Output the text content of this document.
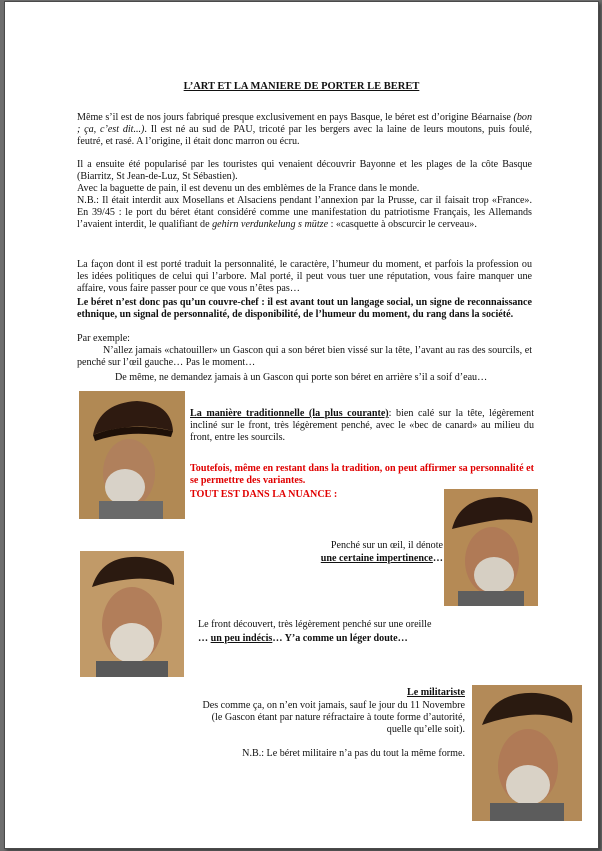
L’ART ET LA MANIERE DE PORTER LE BERET
Même s’il est de nos jours fabriqué presque exclusivement en pays Basque, le béret est d’origine Béarnaise (bon ; ça, c’est dit...). Il est né au sud de PAU, tricoté par les bergers avec la laine de leurs moutons, puis foulé, feutré, et rasé. A l’origine, il était donc marron ou écru.
Il a ensuite été popularisé par les touristes qui venaient découvrir Bayonne et les plages de la côte Basque (Biarritz, St Jean-de-Luz, St Sébastien).
Avec la baguette de pain, il est devenu un des emblèmes de la France dans le monde.
N.B.: Il était interdit aux Mosellans et Alsaciens pendant l’annexion par la Prusse, car il faisait trop «France». En 39/45 : le port du béret étant considéré comme une manifestation du patriotisme Français, les Allemands l’avaient interdit, le qualifiant de gehirn verdunkelung s mütze : «casquette à obscurcir le cerveau».
La façon dont il est porté traduit la personnalité, le caractère, l’humeur du moment, et parfois la profession ou les idées politiques de celui qui l’arbore. Mal porté, il peut vous tuer une réputation, vous faire manquer une affaire, vous faire passer pour ce que vous n’êtes pas…
Le béret n’est donc pas qu’un couvre-chef : il est avant tout un langage social, un signe de reconnaissance ethnique, un signal de personnalité, de disponibilité, de l’humeur du moment, du rang dans la société.
Par exemple:
N’allez jamais «chatouiller» un Gascon qui a son béret bien vissé sur la tête, l’avant au ras des sourcils, et penché sur l’œil gauche… Pas le moment…
De même, ne demandez jamais à un Gascon qui porte son béret en arrière s’il a soif d’eau…
La manière traditionnelle (la plus courante): bien calé sur la tête, légèrement incliné sur le front, très légèrement penché, avec le «bec de canard» au milieu du front, entre les sourcils.
Toutefois, même en restant dans la tradition, on peut affirmer sa personnalité et se permettre des variantes.
TOUT EST DANS LA NUANCE :
Penché sur un œil, il dénote
une certaine impertinence…
Le front découvert, très légèrement penché sur une oreille
… un peu indécis… Y’a comme un léger doute…
Le militariste
Des comme ça, on n’en voit jamais, sauf le jour du 11 Novembre
(le Gascon étant par nature réfractaire à toute forme d’autorité,
quelle qu’elle soit).
N.B.: Le béret militaire n’a pas du tout la même forme.
